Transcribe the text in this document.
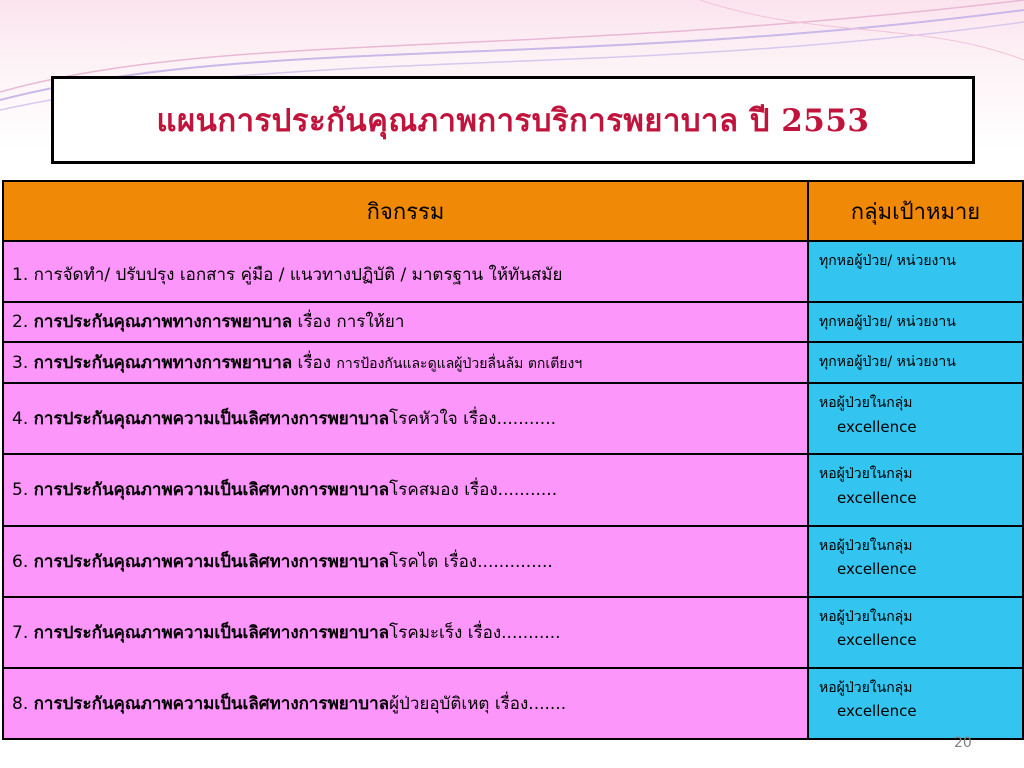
แผนการประกันคุณภาพการบริการพยาบาล ปี 2553
กิจกรรม	กลุ่มเป้าหมาย
1. การจัดทำ/ ปรับปรุง เอกสาร คู่มือ / แนวทางปฏิบัติ / มาตรฐาน ให้ทันสมัย	ทุกหอผู้ป่วย/ หน่วยงาน
2. การประกันคุณภาพทางการพยาบาล เรื่อง การให้ยา	ทุกหอผู้ป่วย/ หน่วยงาน
3. การประกันคุณภาพทางการพยาบาล เรื่อง การป้องกันและดูแลผู้ป่วยลื่นล้ม ตกเตียงฯ	ทุกหอผู้ป่วย/ หน่วยงาน
4. การประกันคุณภาพความเป็นเลิศทางการพยาบาลโรคหัวใจ เรื่อง...........	หอผู้ป่วยในกลุ่ม
excellence

5. การประกันคุณภาพความเป็นเลิศทางการพยาบาลโรคสมอง เรื่อง...........	หอผู้ป่วยในกลุ่ม
excellence

6. การประกันคุณภาพความเป็นเลิศทางการพยาบาลโรคไต เรื่อง..............	หอผู้ป่วยในกลุ่ม
excellence

7. การประกันคุณภาพความเป็นเลิศทางการพยาบาลโรคมะเร็ง เรื่อง...........	หอผู้ป่วยในกลุ่ม
excellence

8. การประกันคุณภาพความเป็นเลิศทางการพยาบาลผู้ป่วยอุบัติเหตุ เรื่อง.......	หอผู้ป่วยในกลุ่ม
excellence
20
